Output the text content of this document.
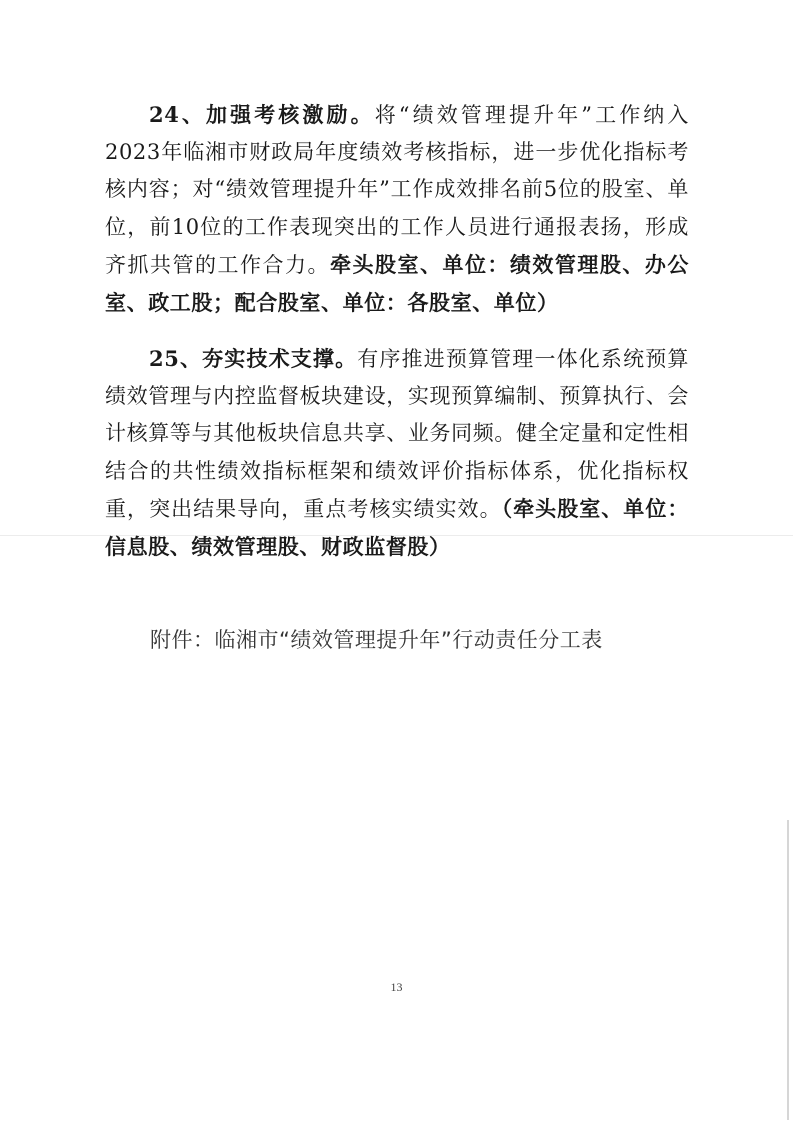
24、加强考核激励。将“绩效管理提升年”工作纳入2023年临湘市财政局年度绩效考核指标，进一步优化指标考核内容；对“绩效管理提升年”工作成效排名前5位的股室、单位，前10位的工作表现突出的工作人员进行通报表扬，形成齐抓共管的工作合力。牵头股室、单位：绩效管理股、办公室、政工股；配合股室、单位：各股室、单位）

25、夯实技术支撑。有序推进预算管理一体化系统预算绩效管理与内控监督板块建设，实现预算编制、预算执行、会计核算等与其他板块信息共享、业务同频。健全定量和定性相结合的共性绩效指标框架和绩效评价指标体系，优化指标权重，突出结果导向，重点考核实绩实效。（牵头股室、单位：信息股、绩效管理股、财政监督股）

附件：临湘市“绩效管理提升年”行动责任分工表

13
